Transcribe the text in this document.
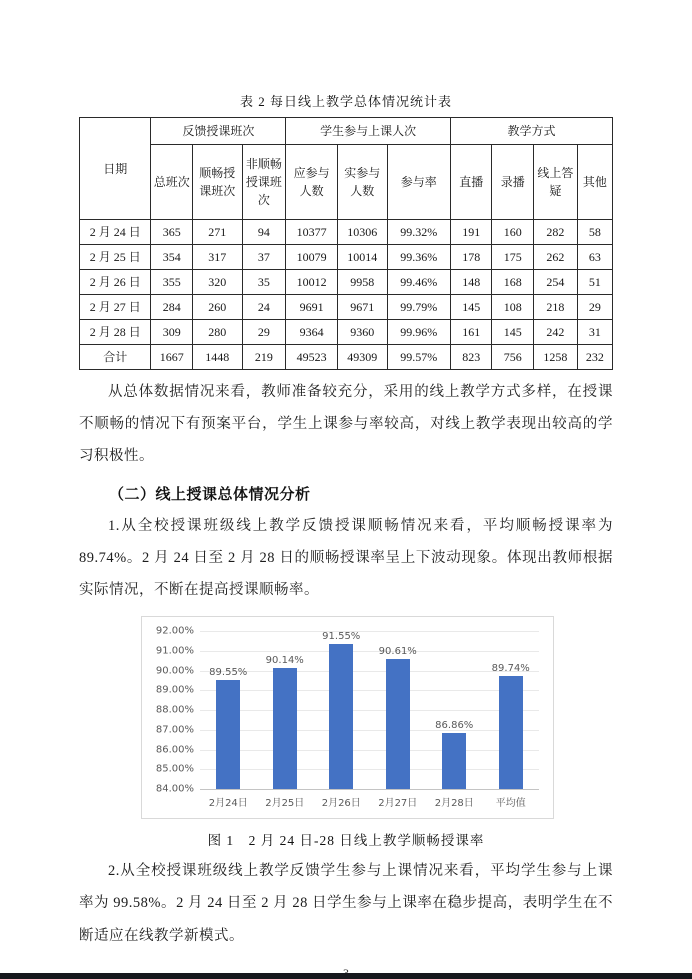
表 2 每日线上教学总体情况统计表
日期	反馈授课班次			学生参与上课人次			教学方式			
	总班次	顺畅授课班次	非顺畅授课班次	应参与人数	实参与人数	参与率	直播	录播	线上答疑	其他
2 月 24 日	365	271	94	10377	10306	99.32%	191	160	282	58
2 月 25 日	354	317	37	10079	10014	99.36%	178	175	262	63
2 月 26 日	355	320	35	10012	9958	99.46%	148	168	254	51
2 月 27 日	284	260	24	9691	9671	99.79%	145	108	218	29
2 月 28 日	309	280	29	9364	9360	99.96%	161	145	242	31
合计	1667	1448	219	49523	49309	99.57%	823	756	1258	232

从总体数据情况来看，教师准备较充分，采用的线上教学方式多样，在授课不顺畅的情况下有预案平台，学生上课参与率较高，对线上教学表现出较高的学习积极性。

（二）线上授课总体情况分析

1.从全校授课班级线上教学反馈授课顺畅情况来看，平均顺畅授课率为 89.74%。2 月 24 日至 2 月 28 日的顺畅授课率呈上下波动现象。体现出教师根据实际情况，不断在提高授课顺畅率。

92.00%
91.00%
90.00%
89.00%
88.00%
87.00%
86.00%
85.00%
84.00%
89.55%
90.14%
91.55%
90.61%
86.86%
89.74%
2月24日	2月25日	2月26日	2月27日	2月28日	平均值
图 1　2 月 24 日-28 日线上教学顺畅授课率

2.从全校授课班级线上教学反馈学生参与上课情况来看，平均学生参与上课率为 99.58%。2 月 24 日至 2 月 28 日学生参与上课率在稳步提高，表明学生在不断适应在线教学新模式。
